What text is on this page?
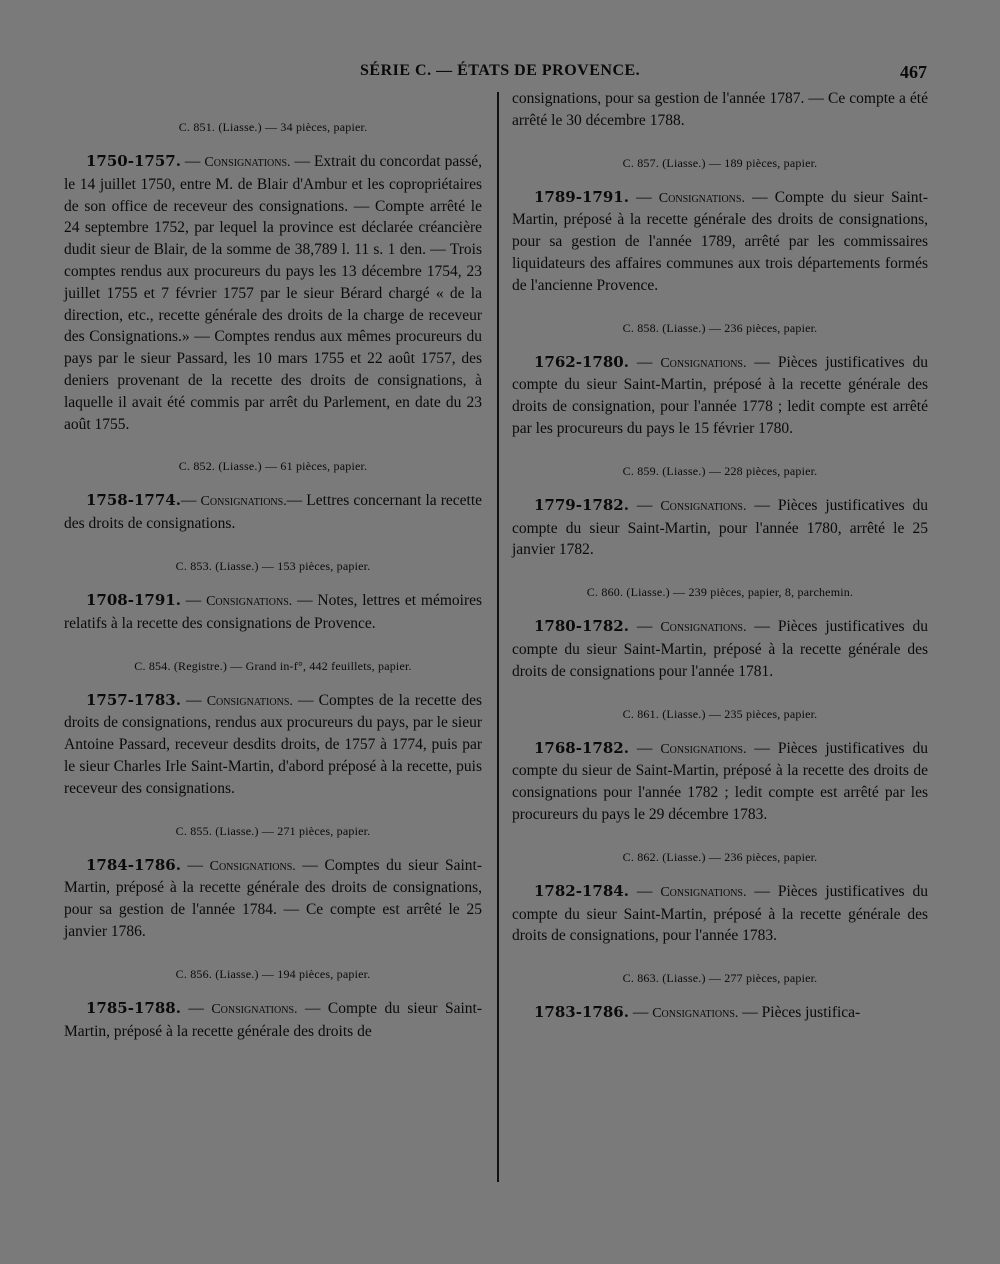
SÉRIE C. — ÉTATS DE PROVENCE.	467

C. 851. (Liasse.) — 34 pièces, papier.

1750-1757. — Consignations. — Extrait du concordat passé, le 14 juillet 1750, entre M. de Blair d'Ambur et les copropriétaires de son office de receveur des consignations. — Compte arrêté le 24 septembre 1752, par lequel la province est déclarée créancière dudit sieur de Blair, de la somme de 38,789 l. 11 s. 1 den. — Trois comptes rendus aux procureurs du pays les 13 décembre 1754, 23 juillet 1755 et 7 février 1757 par le sieur Bérard chargé « de la direction, etc., recette générale des droits de la charge de receveur des Consignations.» — Comptes rendus aux mêmes procureurs du pays par le sieur Passard, les 10 mars 1755 et 22 août 1757, des deniers provenant de la recette des droits de consignations, à laquelle il avait été commis par arrêt du Parlement, en date du 23 août 1755.

C. 852. (Liasse.) — 61 pièces, papier.

1758-1774.— Consignations.— Lettres concernant la recette des droits de consignations.

C. 853. (Liasse.) — 153 pièces, papier.

1708-1791. — Consignations. — Notes, lettres et mémoires relatifs à la recette des consignations de Provence.

C. 854. (Registre.) — Grand in-f°, 442 feuillets, papier.

1757-1783. — Consignations. — Comptes de la recette des droits de consignations, rendus aux procureurs du pays, par le sieur Antoine Passard, receveur desdits droits, de 1757 à 1774, puis par le sieur Charles Irle Saint-Martin, d'abord préposé à la recette, puis receveur des consignations.

C. 855. (Liasse.) — 271 pièces, papier.

1784-1786. — Consignations. — Comptes du sieur Saint-Martin, préposé à la recette générale des droits de consignations, pour sa gestion de l'année 1784. — Ce compte est arrêté le 25 janvier 1786.

C. 856. (Liasse.) — 194 pièces, papier.

1785-1788. — Consignations. — Compte du sieur Saint-Martin, préposé à la recette générale des droits de

consignations, pour sa gestion de l'année 1787. — Ce compte a été arrêté le 30 décembre 1788.

C. 857. (Liasse.) — 189 pièces, papier.

1789-1791. — Consignations. — Compte du sieur Saint-Martin, préposé à la recette générale des droits de consignations, pour sa gestion de l'année 1789, arrêté par les commissaires liquidateurs des affaires communes aux trois départements formés de l'ancienne Provence.

C. 858. (Liasse.) — 236 pièces, papier.

1762-1780. — Consignations. — Pièces justificatives du compte du sieur Saint-Martin, préposé à la recette générale des droits de consignation, pour l'année 1778 ; ledit compte est arrêté par les procureurs du pays le 15 février 1780.

C. 859. (Liasse.) — 228 pièces, papier.

1779-1782. — Consignations. — Pièces justificatives du compte du sieur Saint-Martin, pour l'année 1780, arrêté le 25 janvier 1782.

C. 860. (Liasse.) — 239 pièces, papier, 8, parchemin.

1780-1782. — Consignations. — Pièces justificatives du compte du sieur Saint-Martin, préposé à la recette générale des droits de consignations pour l'année 1781.

C. 861. (Liasse.) — 235 pièces, papier.

1768-1782. — Consignations. — Pièces justificatives du compte du sieur de Saint-Martin, préposé à la recette des droits de consignations pour l'année 1782 ; ledit compte est arrêté par les procureurs du pays le 29 décembre 1783.

C. 862. (Liasse.) — 236 pièces, papier.

1782-1784. — Consignations. — Pièces justificatives du compte du sieur Saint-Martin, préposé à la recette générale des droits de consignations, pour l'année 1783.

C. 863. (Liasse.) — 277 pièces, papier.

1783-1786. — Consignations. — Pièces justifica-
